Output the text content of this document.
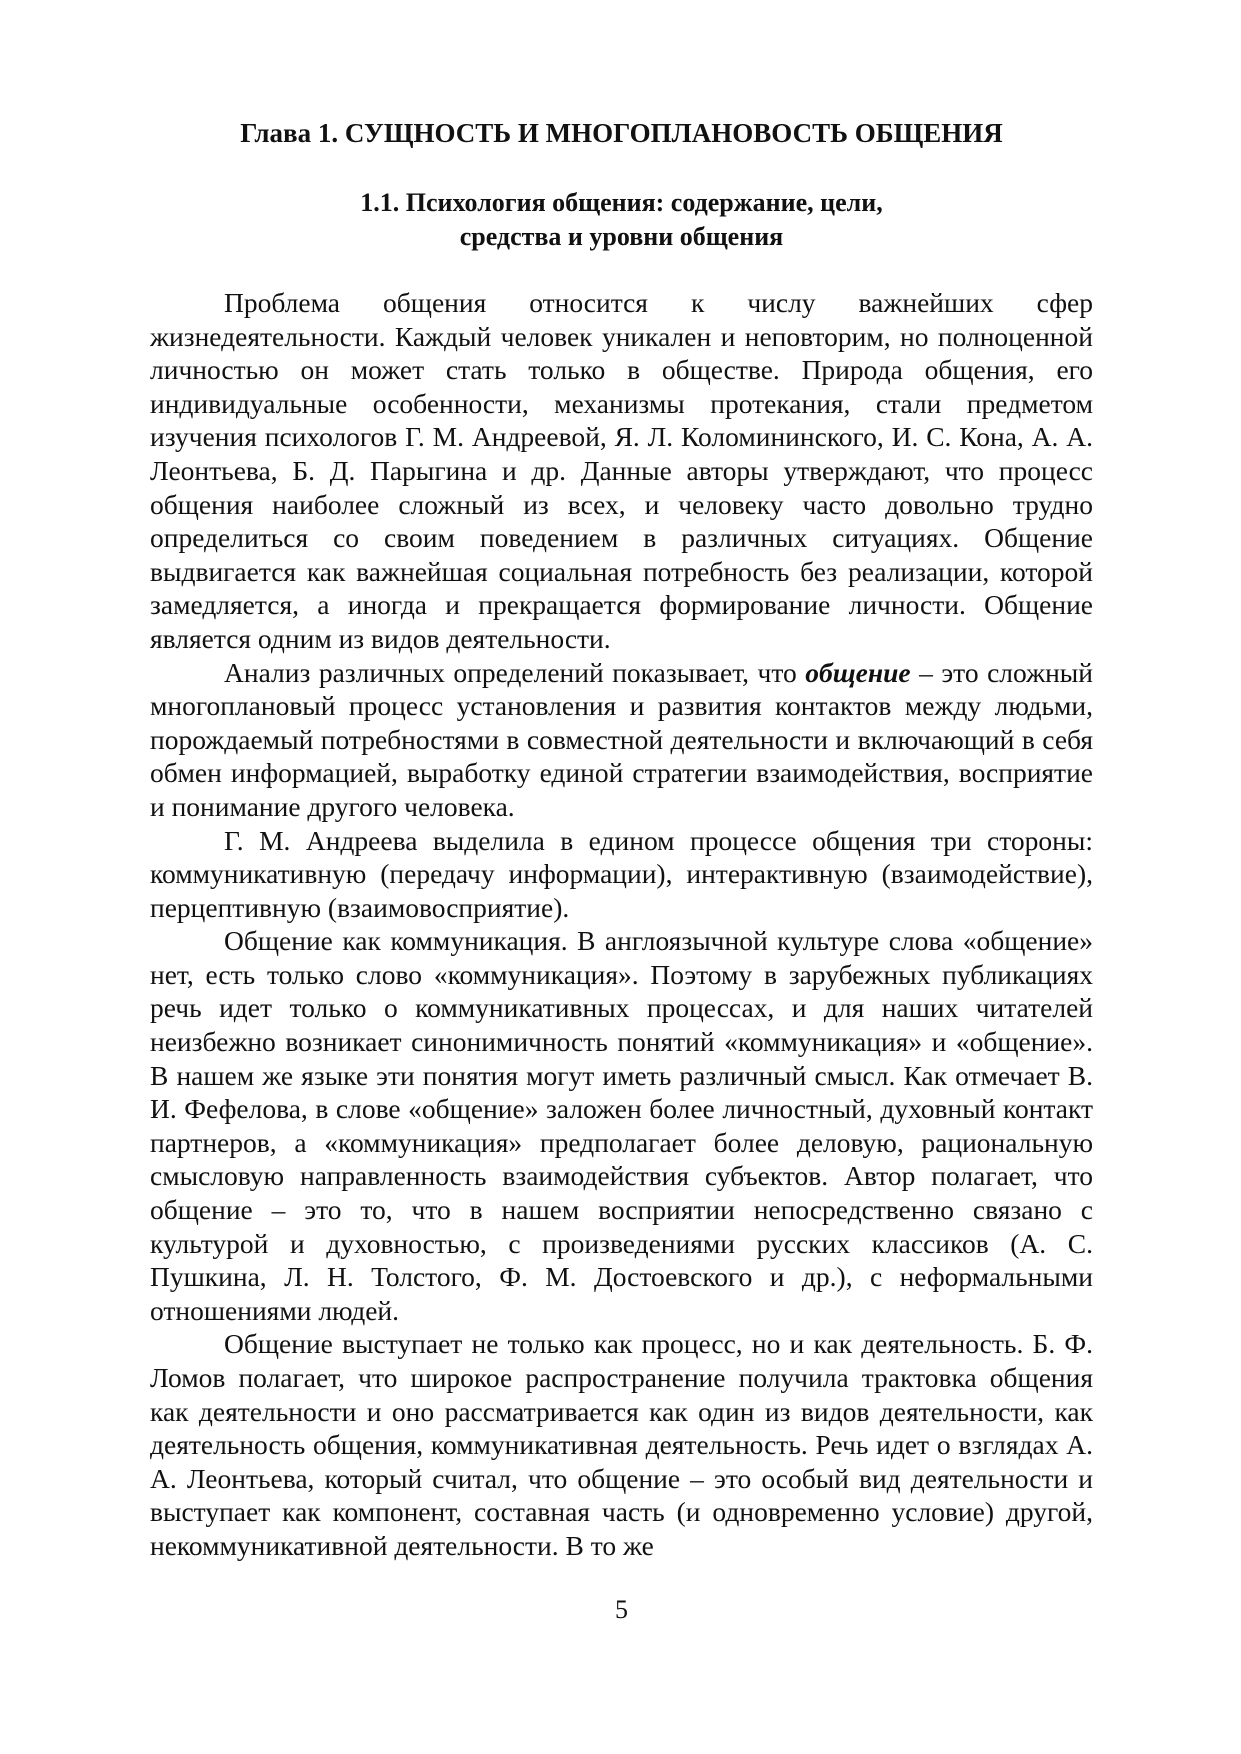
Глава 1. СУЩНОСТЬ И МНОГОПЛАНОВОСТЬ ОБЩЕНИЯ
1.1. Психология общения: содержание, цели,
средства и уровни общения

Проблема общения относится к числу важнейших сфер жизнедеятельности. Каждый человек уникален и неповторим, но полноценной личностью он может стать только в обществе. Природа общения, его индивидуальные особенности, механизмы протекания, стали предметом изучения психологов Г. М. Андреевой, Я. Л. Коломининского, И. С. Кона, А. А. Леонтьева, Б. Д. Парыгина и др. Данные авторы утверждают, что процесс общения наиболее сложный из всех, и человеку часто довольно трудно определиться со своим поведением в различных ситуациях. Общение выдвигается как важнейшая социальная потребность без реализации, которой замедляется, а иногда и прекращается формирование личности. Общение является одним из видов деятельности.

Анализ различных определений показывает, что общение – это сложный многоплановый процесс установления и развития контактов между людьми, порождаемый потребностями в совместной деятельности и включающий в себя обмен информацией, выработку единой стратегии взаимодействия, восприятие и понимание другого человека.

Г. М. Андреева выделила в едином процессе общения три стороны: коммуникативную (передачу информации), интерактивную (взаимодействие), перцептивную (взаимовосприятие).

Общение как коммуникация. В англоязычной культуре слова «общение» нет, есть только слово «коммуникация». Поэтому в зарубежных публикациях речь идет только о коммуникативных процессах, и для наших читателей неизбежно возникает синонимичность понятий «коммуникация» и «общение». В нашем же языке эти понятия могут иметь различный смысл. Как отмечает В. И. Фефелова, в слове «общение» заложен более личностный, духовный контакт партнеров, а «коммуникация» предполагает более деловую, рациональную смысловую направленность взаимодействия субъектов. Автор полагает, что общение – это то, что в нашем восприятии непосредственно связано с культурой и духовностью, с произведениями русских классиков (А. С. Пушкина, Л. Н. Толстого, Ф. М. Достоевского и др.), с неформальными отношениями людей.

Общение выступает не только как процесс, но и как деятельность. Б. Ф. Ломов полагает, что широкое распространение получила трактовка общения как деятельности и оно рассматривается как один из видов деятельности, как деятельность общения, коммуникативная деятельность. Речь идет о взглядах А. А. Леонтьева, который считал, что общение – это особый вид деятельности и выступает как компонент, составная часть (и одновременно условие) другой, некоммуникативной деятельности. В то же

5
